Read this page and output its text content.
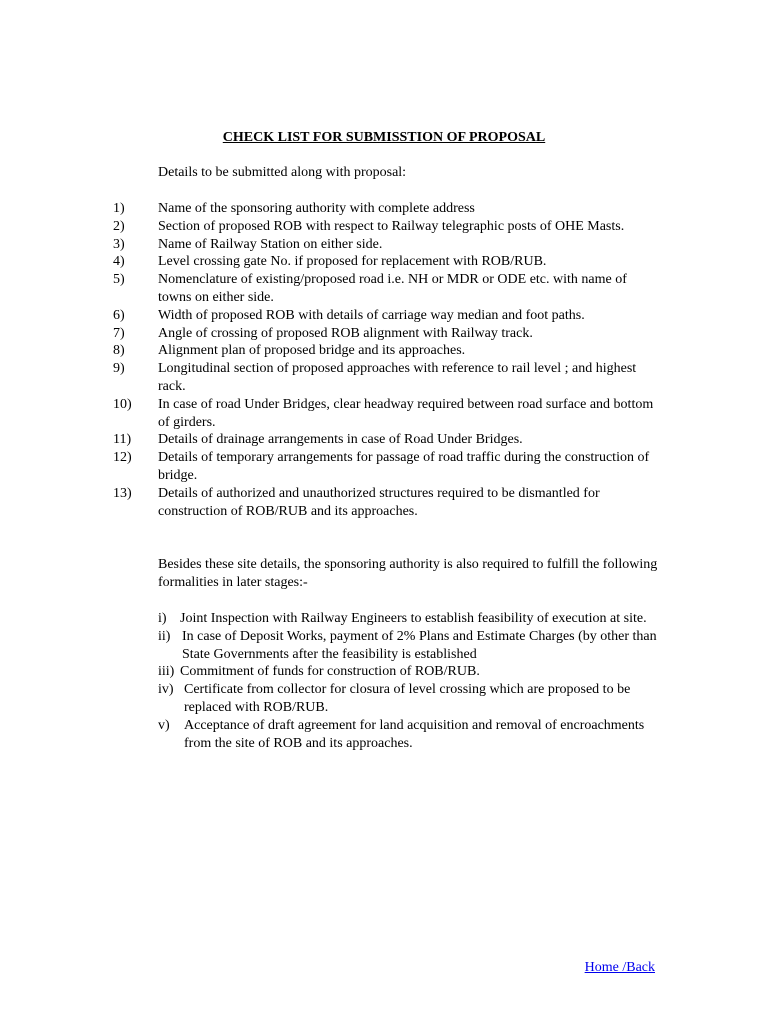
CHECK LIST FOR SUBMISSTION OF PROPOSAL
Details to be submitted along with proposal:
1)	Name of the sponsoring authority with complete address
2)	Section of proposed ROB with respect to Railway telegraphic posts of OHE Masts.
3)	Name of Railway Station on either side.
4)	Level crossing gate No. if proposed for replacement with ROB/RUB.
5)	Nomenclature of existing/proposed road i.e. NH or MDR or ODE etc. with name of towns on either side.
6)	Width of proposed ROB with details of carriage way median and foot paths.
7)	Angle of crossing of proposed ROB alignment with Railway track.
8)	Alignment plan of proposed bridge and its approaches.
9)	Longitudinal section of proposed approaches with reference to rail level ; and highest rack.
10)	In case of road Under Bridges, clear headway required between road surface and bottom of girders.
11)	Details of drainage arrangements in case of Road Under Bridges.
12)	Details of temporary arrangements for passage of road traffic during the construction of bridge.
13)	Details of authorized and unauthorized structures required to be dismantled for construction of ROB/RUB and its approaches.
Besides these site details, the sponsoring authority is also required to fulfill the following formalities in later stages:-
i) Joint Inspection with Railway Engineers to establish feasibility of execution at site.
ii) In case of Deposit Works, payment of 2% Plans and Estimate Charges (by other than State Governments after the feasibility is established
iii) Commitment of funds for construction of ROB/RUB.
iv) Certificate from collector for closura of level crossing which are proposed to be replaced with ROB/RUB.
v)	Acceptance of draft agreement for land acquisition and removal of encroachments from the site of ROB and its approaches.
Home /Back
